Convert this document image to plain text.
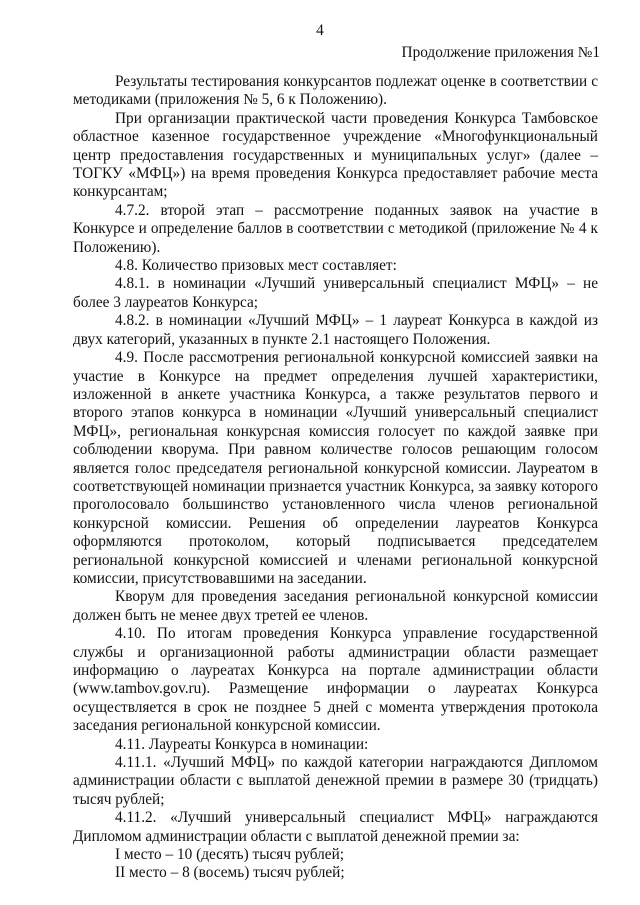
4
Продолжение приложения №1

Результаты тестирования конкурсантов подлежат оценке в соответствии с методиками (приложения № 5, 6 к Положению).

При организации практической части проведения Конкурса Тамбовское областное казенное государственное учреждение «Многофункциональный центр предоставления государственных и муниципальных услуг» (далее – ТОГКУ «МФЦ») на время проведения Конкурса предоставляет рабочие места конкурсантам;

4.7.2. второй этап – рассмотрение поданных заявок на участие в Конкурсе и определение баллов в соответствии с методикой (приложение № 4 к Положению).

4.8. Количество призовых мест составляет:

4.8.1. в номинации «Лучший универсальный специалист МФЦ» – не более 3 лауреатов Конкурса;

4.8.2. в номинации «Лучший МФЦ» – 1 лауреат Конкурса в каждой из двух категорий, указанных в пункте 2.1 настоящего Положения.

4.9. После рассмотрения региональной конкурсной комиссией заявки на участие в Конкурсе на предмет определения лучшей характеристики, изложенной в анкете участника Конкурса, а также результатов первого и второго этапов конкурса в номинации «Лучший универсальный специалист МФЦ», региональная конкурсная комиссия голосует по каждой заявке при соблюдении кворума. При равном количестве голосов решающим голосом является голос председателя региональной конкурсной комиссии. Лауреатом в соответствующей номинации признается участник Конкурса, за заявку которого проголосовало большинство установленного числа членов региональной конкурсной комиссии. Решения об определении лауреатов Конкурса оформляются протоколом, который подписывается председателем региональной конкурсной комиссией и членами региональной конкурсной комиссии, присутствовавшими на заседании.

Кворум для проведения заседания региональной конкурсной комиссии должен быть не менее двух третей ее членов.

4.10. По итогам проведения Конкурса управление государственной службы и организационной работы администрации области размещает информацию о лауреатах Конкурса на портале администрации области (www.tambov.gov.ru). Размещение информации о лауреатах Конкурса осуществляется в срок не позднее 5 дней с момента утверждения протокола заседания региональной конкурсной комиссии.

4.11. Лауреаты Конкурса в номинации:

4.11.1. «Лучший МФЦ» по каждой категории награждаются Дипломом администрации области с выплатой денежной премии в размере 30 (тридцать) тысяч рублей;

4.11.2. «Лучший универсальный специалист МФЦ» награждаются Дипломом администрации области с выплатой денежной премии за:

I место – 10 (десять) тысяч рублей;

II место – 8 (восемь) тысяч рублей;
